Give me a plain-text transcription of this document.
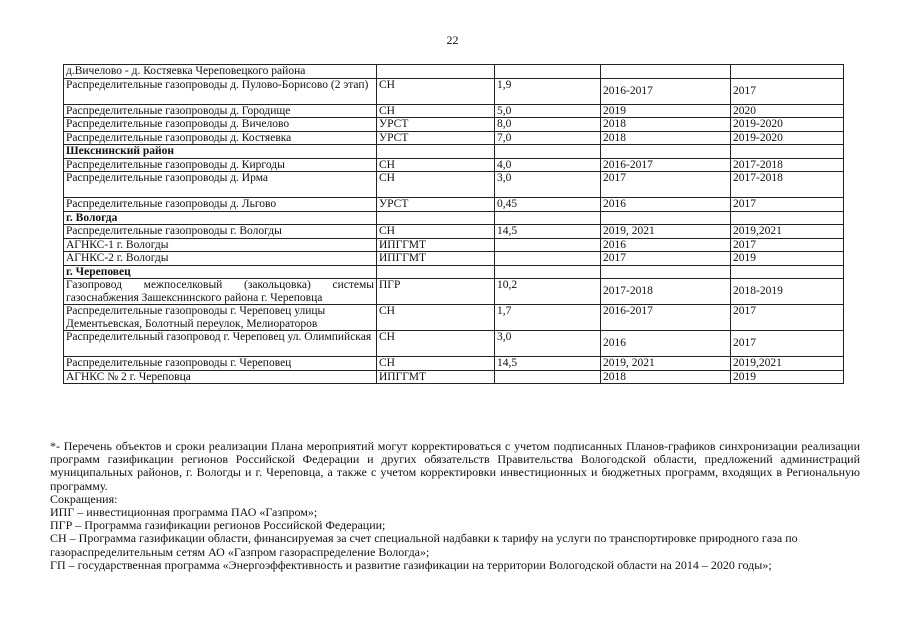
22
д.Вичелово - д. Костяевка Череповецкого района				
Распределительные газопроводы д. Пулово-Борисово (2 этап)	СН	1,9	2016-2017	2017
Распределительные газопроводы д. Городище	СН	5,0	2019	2020
Распределительные газопроводы д. Вичелово	УРСТ	8,0	2018	2019-2020
Распределительные газопроводы д. Костяевка	УРСТ	7,0	2018	2019-2020
Шекснинский район				
Распределительные газопроводы д. Киргоды	СН	4,0	2016-2017	2017-2018
Распределительные газопроводы д. Ирма	СН	3,0	2017	2017-2018
Распределительные газопроводы д. Льгово	УРСТ	0,45	2016	2017
г. Вологда				
Распределительные газопроводы г. Вологды	СН	14,5	2019, 2021	2019,2021
АГНКС-1 г. Вологды	ИПГГМТ		2016	2017
АГНКС-2 г. Вологды	ИПГГМТ		2017	2019
г. Череповец				
Газопровод межпоселковый (закольцовка) системы газоснабжения Зашекснинского района г. Череповца	ПГР	10,2	2017-2018	2018-2019
Распределительные газопроводы г. Череповец улицы Дементьевская, Болотный переулок, Мелиораторов	СН	1,7	2016-2017	2017
Распределительный газопровод г. Череповец ул. Олимпийская	СН	3,0	2016	2017
Распределительные газопроводы г. Череповец	СН	14,5	2019, 2021	2019,2021
АГНКС № 2 г. Череповца	ИПГГМТ		2018	2019

*- Перечень объектов и сроки реализации Плана мероприятий могут корректироваться с учетом подписанных Планов-графиков синхронизации реализации программ газификации регионов Российской Федерации и других обязательств Правительства Вологодской области, предложений администраций муниципальных районов, г. Вологды и г. Череповца, а также с учетом корректировки инвестиционных и бюджетных программ, входящих в Региональную программу.

Сокращения:

ИПГ – инвестиционная программа ПАО «Газпром»;

ПГР – Программа газификации регионов Российской Федерации;

СН – Программа газификации области, финансируемая за счет специальной надбавки к тарифу на услуги по транспортировке природного газа по газораспределительным сетям АО «Газпром газораспределение Вологда»;

ГП – государственная программа «Энергоэффективность и развитие газификации на территории Вологодской области на 2014 – 2020 годы»;
